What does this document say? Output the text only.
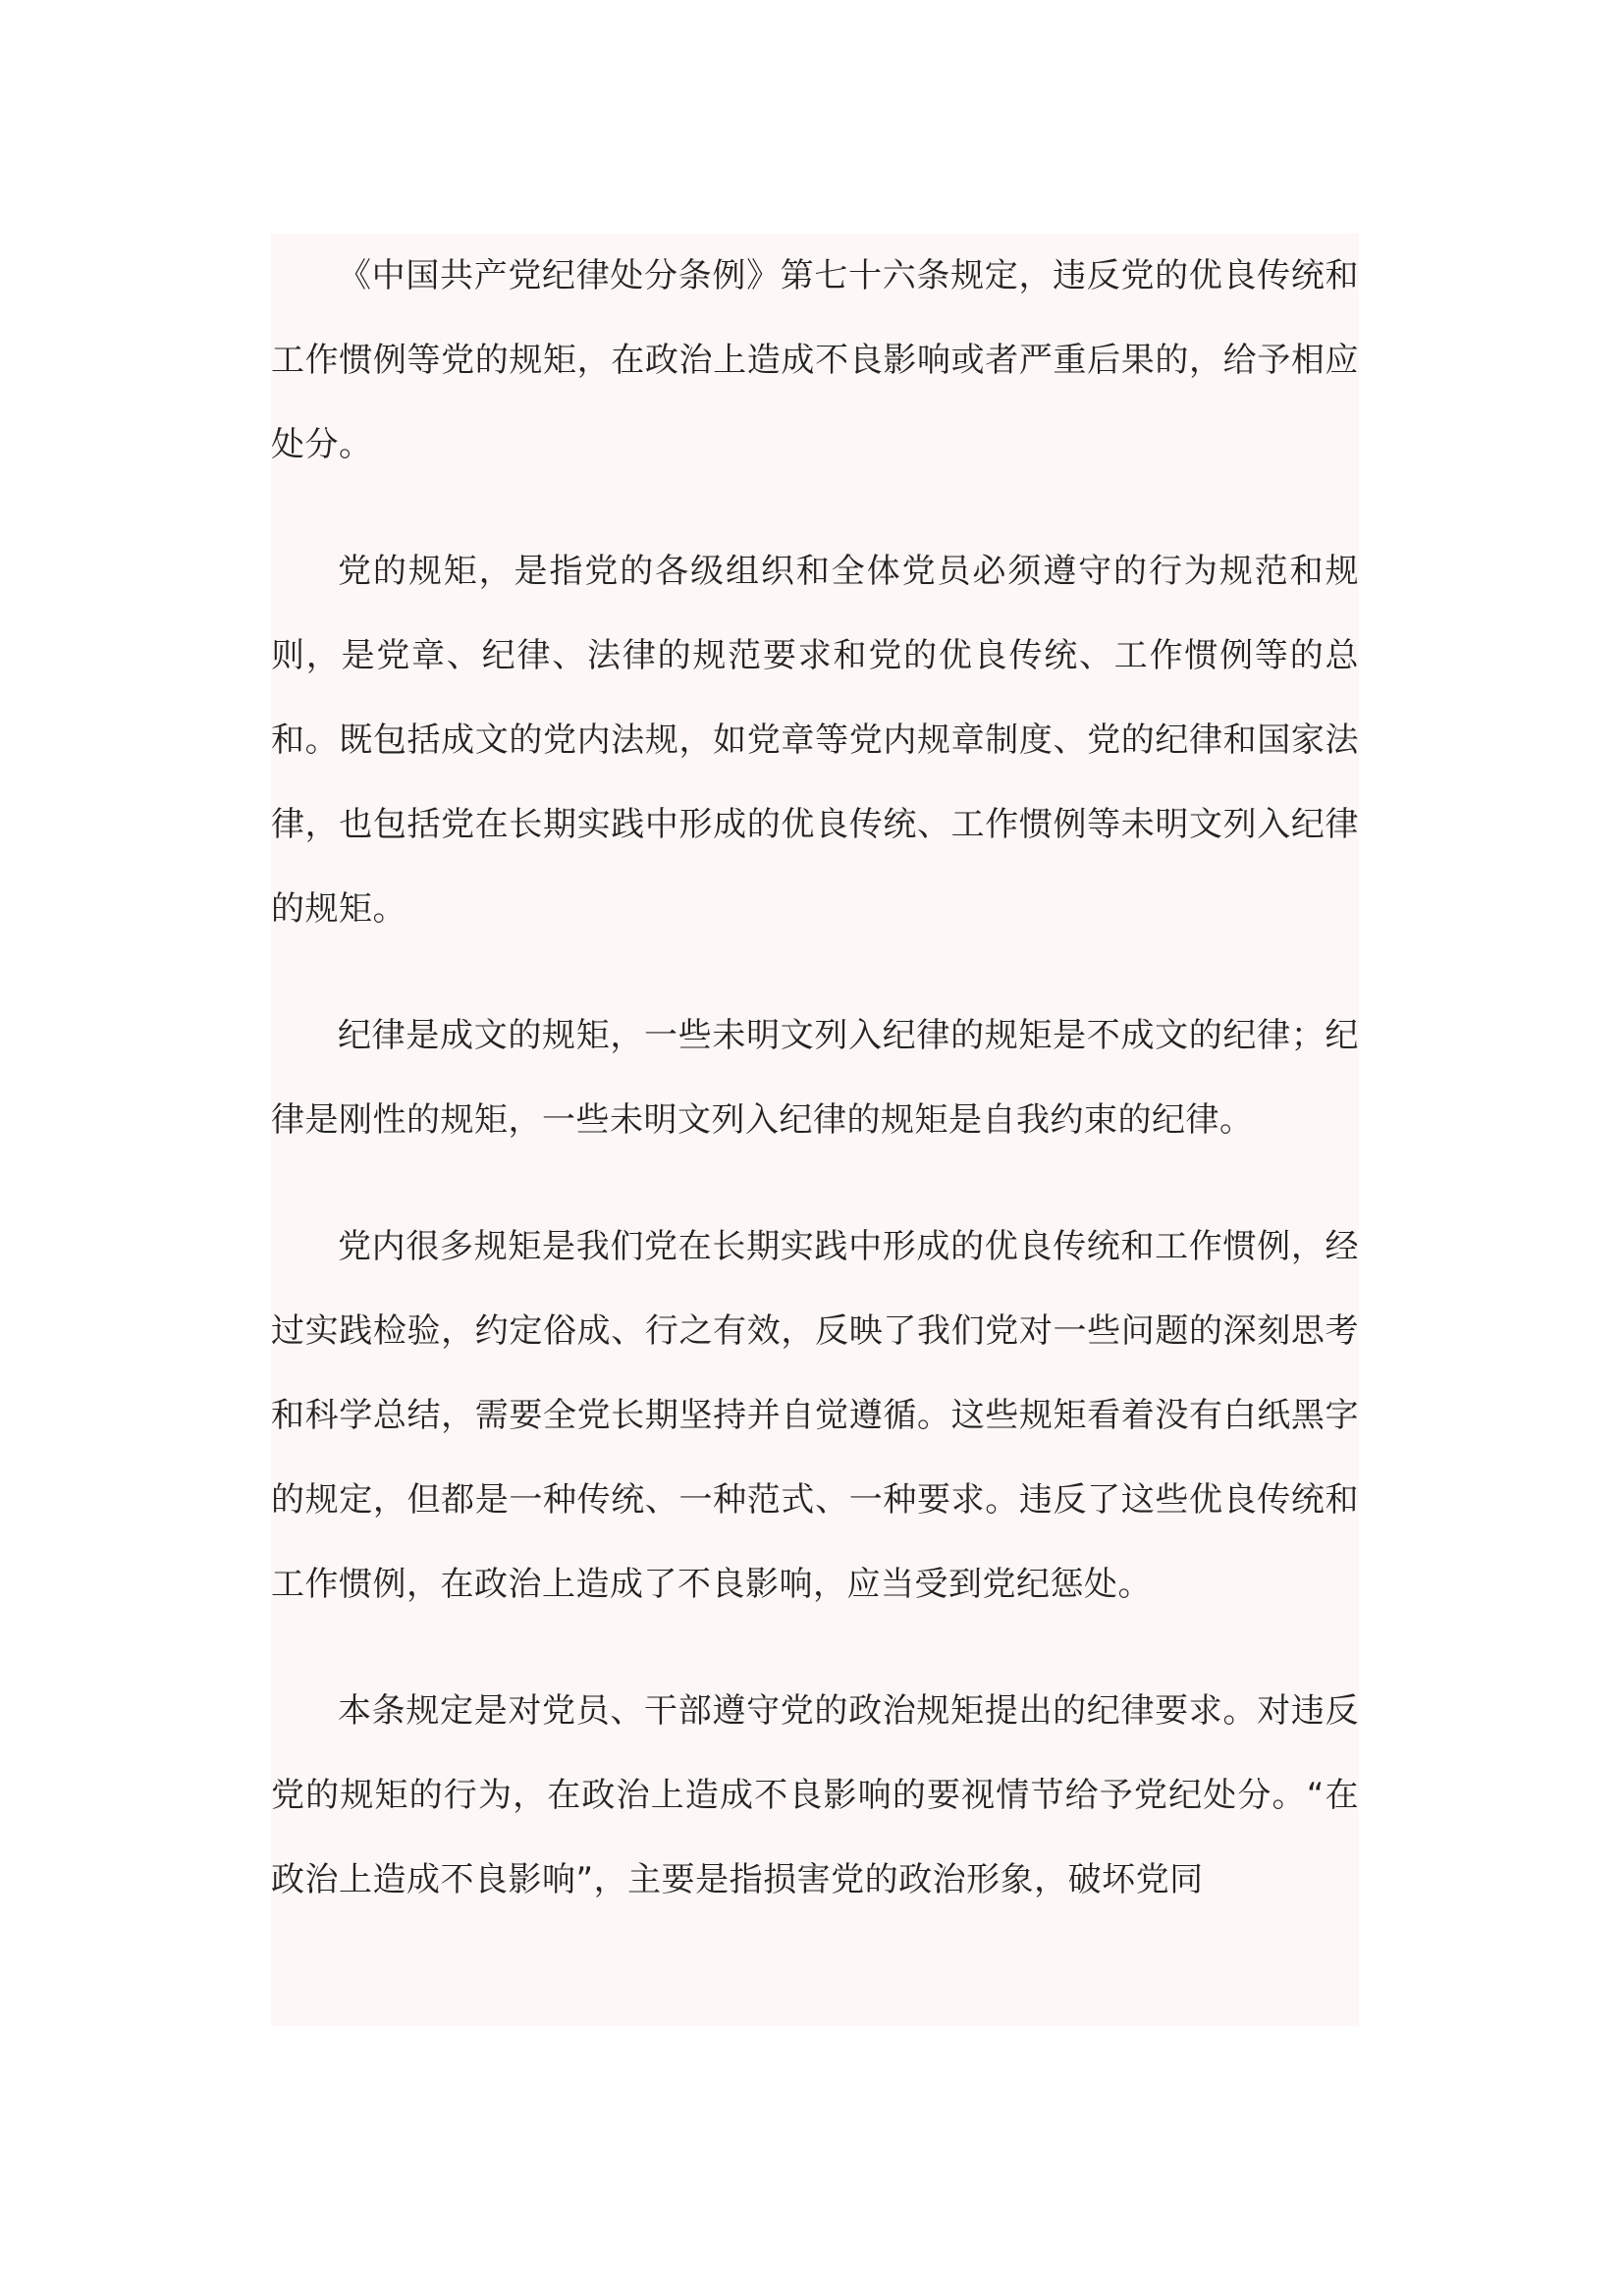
《中国共产党纪律处分条例》第七十六条规定，违反党的优良传统和工作惯例等党的规矩，在政治上造成不良影响或者严重后果的，给予相应处分。

党的规矩，是指党的各级组织和全体党员必须遵守的行为规范和规则，是党章、纪律、法律的规范要求和党的优良传统、工作惯例等的总和。既包括成文的党内法规，如党章等党内规章制度、党的纪律和国家法律，也包括党在长期实践中形成的优良传统、工作惯例等未明文列入纪律的规矩。

纪律是成文的规矩，一些未明文列入纪律的规矩是不成文的纪律；纪律是刚性的规矩，一些未明文列入纪律的规矩是自我约束的纪律。

党内很多规矩是我们党在长期实践中形成的优良传统和工作惯例，经过实践检验，约定俗成、行之有效，反映了我们党对一些问题的深刻思考和科学总结，需要全党长期坚持并自觉遵循。这些规矩看着没有白纸黑字的规定，但都是一种传统、一种范式、一种要求。违反了这些优良传统和工作惯例，在政治上造成了不良影响，应当受到党纪惩处。

本条规定是对党员、干部遵守党的政治规矩提出的纪律要求。对违反党的规矩的行为，在政治上造成不良影响的要视情节给予党纪处分。“在政治上造成不良影响”，主要是指损害党的政治形象，破坏党同
